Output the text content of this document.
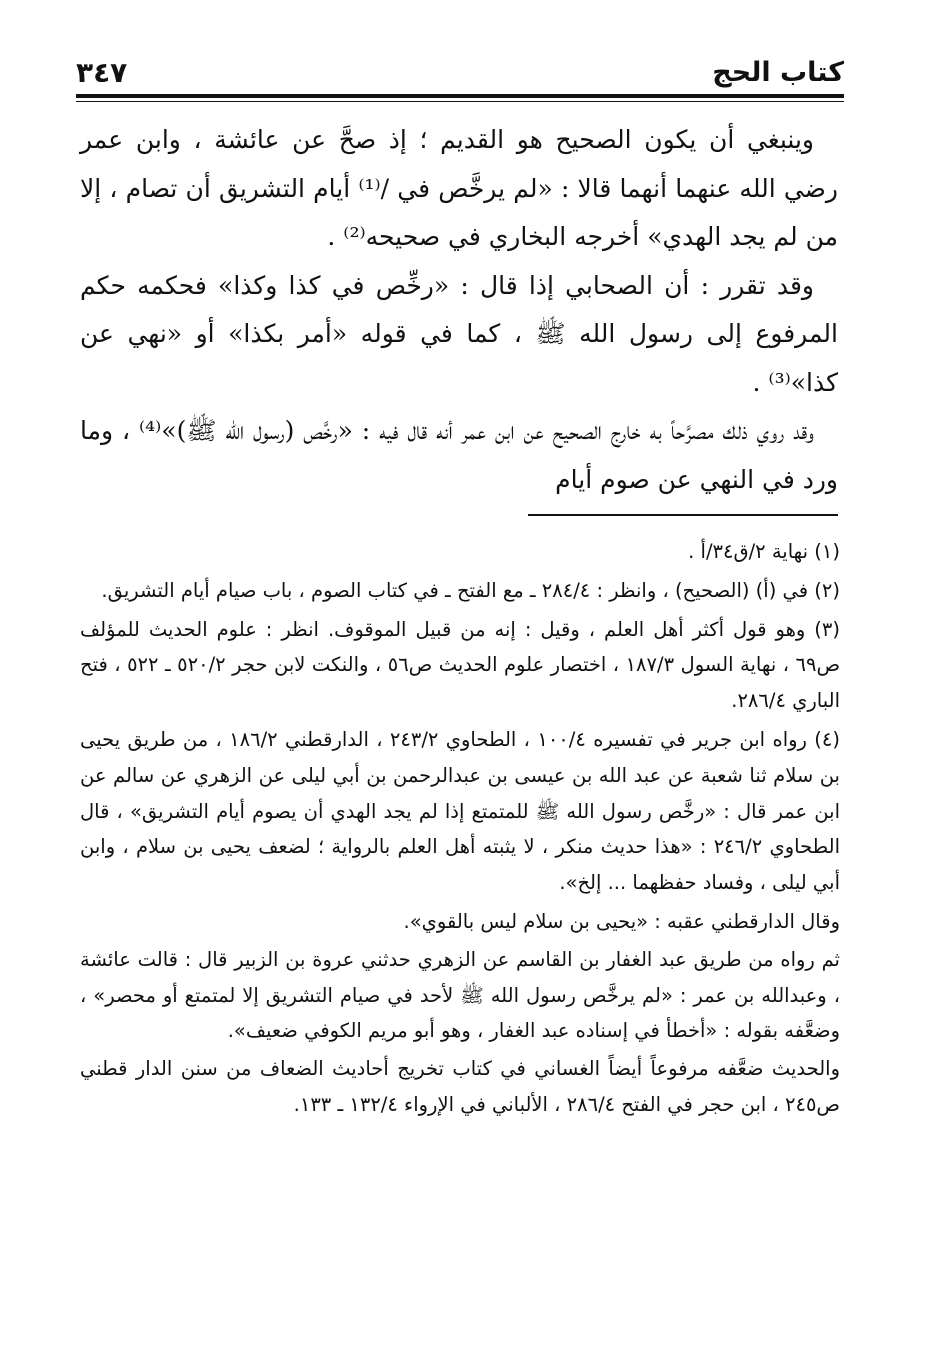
٣٤٧	كتاب الحج

وينبغي أن يكون الصحيح هو القديم ؛ إذ صحَّ عن عائشة ، وابن عمر رضي الله عنهما أنهما قالا : «لم يرخَّص في /⁽¹⁾ أيام التشريق أن تصام ، إلا من لم يجد الهدي» أخرجه البخاري في صحيحه⁽²⁾ .

وقد تقرر : أن الصحابي إذا قال : «رخِّص في كذا وكذا» فحكمه حكم المرفوع إلى رسول الله ﷺ ، كما في قوله «أمر بكذا» أو «نهي عن كذا»⁽³⁾ .

وقد روي ذلك مصرَّحاً به خارج الصحيح عن ابن عمر أنه قال فيه : «رخَّص (رسول الله ﷺ)»⁽⁴⁾ ، وما ورد في النهي عن صوم أيام

(١) نهاية ٢/ق٣٤/أ .

(٢) في (أ) (الصحيح) ، وانظر : ٢٨٤/٤ ـ مع الفتح ـ في كتاب الصوم ، باب صيام أيام التشريق.

(٣) وهو قول أكثر أهل العلم ، وقيل : إنه من قبيل الموقوف. انظر : علوم الحديث للمؤلف ص٦٩ ، نهاية السول ١٨٧/٣ ، اختصار علوم الحديث ص٥٦ ، والنكت لابن حجر ٥٢٠/٢ ـ ٥٢٢ ، فتح الباري ٢٨٦/٤.

(٤) رواه ابن جرير في تفسيره ١٠٠/٤ ، الطحاوي ٢٤٣/٢ ، الدارقطني ١٨٦/٢ ، من طريق يحيى بن سلام ثنا شعبة عن عبد الله بن عيسى بن عبدالرحمن بن أبي ليلى عن الزهري عن سالم عن ابن عمر قال : «رخَّص رسول الله ﷺ للمتمتع إذا لم يجد الهدي أن يصوم أيام التشريق» ، قال الطحاوي ٢٤٦/٢ : «هذا حديث منكر ، لا يثبته أهل العلم بالرواية ؛ لضعف يحيى بن سلام ، وابن أبي ليلى ، وفساد حفظهما ... إلخ».

وقال الدارقطني عقبه : «يحيى بن سلام ليس بالقوي».

ثم رواه من طريق عبد الغفار بن القاسم عن الزهري حدثني عروة بن الزبير قال : قالت عائشة ، وعبدالله بن عمر : «لم يرخَّص رسول الله ﷺ لأحد في صيام التشريق إلا لمتمتع أو محصر» ، وضعَّفه بقوله : «أخطأ في إسناده عبد الغفار ، وهو أبو مريم الكوفي ضعيف».

والحديث ضعَّفه مرفوعاً أيضاً الغساني في كتاب تخريج أحاديث الضعاف من سنن الدار قطني ص٢٤٥ ، ابن حجر في الفتح ٢٨٦/٤ ، الألباني في الإرواء ١٣٢/٤ ـ ١٣٣.
